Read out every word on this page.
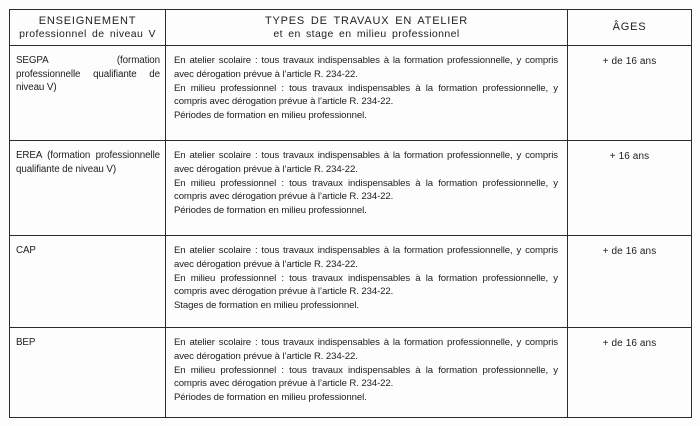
ENSEIGNEMENT
professionnel de niveau V
TYPES DE TRAVAUX EN ATELIER
et en stage en milieu professionnel
ÂGES
SEGPA (formation professionnelle qualifiante de niveau V)

En atelier scolaire : tous travaux indispensables à la formation professionnelle, y compris avec dérogation prévue à l’article R. 234-22.

En milieu professionnel : tous travaux indispensables à la formation professionnelle, y compris avec dérogation prévue à l’article R. 234-22.

Périodes de formation en milieu professionnel.

+ de 16 ans
EREA (formation professionnelle qualifiante de niveau V)

En atelier scolaire : tous travaux indispensables à la formation professionnelle, y compris avec dérogation prévue à l’article R. 234-22.

En milieu professionnel : tous travaux indispensables à la formation professionnelle, y compris avec dérogation prévue à l’article R. 234-22.

Périodes de formation en milieu professionnel.

+ 16 ans
CAP	En atelier scolaire : tous travaux indispensables à la formation professionnelle, y compris avec dérogation prévue à l’article R. 234-22.

En milieu professionnel : tous travaux indispensables à la formation professionnelle, y compris avec dérogation prévue à l’article R. 234-22.

Stages de formation en milieu professionnel.

+ de 16 ans
BEP	En atelier scolaire : tous travaux indispensables à la formation professionnelle, y compris avec dérogation prévue à l’article R. 234-22.

En milieu professionnel : tous travaux indispensables à la formation professionnelle, y compris avec dérogation prévue à l’article R. 234-22.

Périodes de formation en milieu professionnel.

+ de 16 ans
